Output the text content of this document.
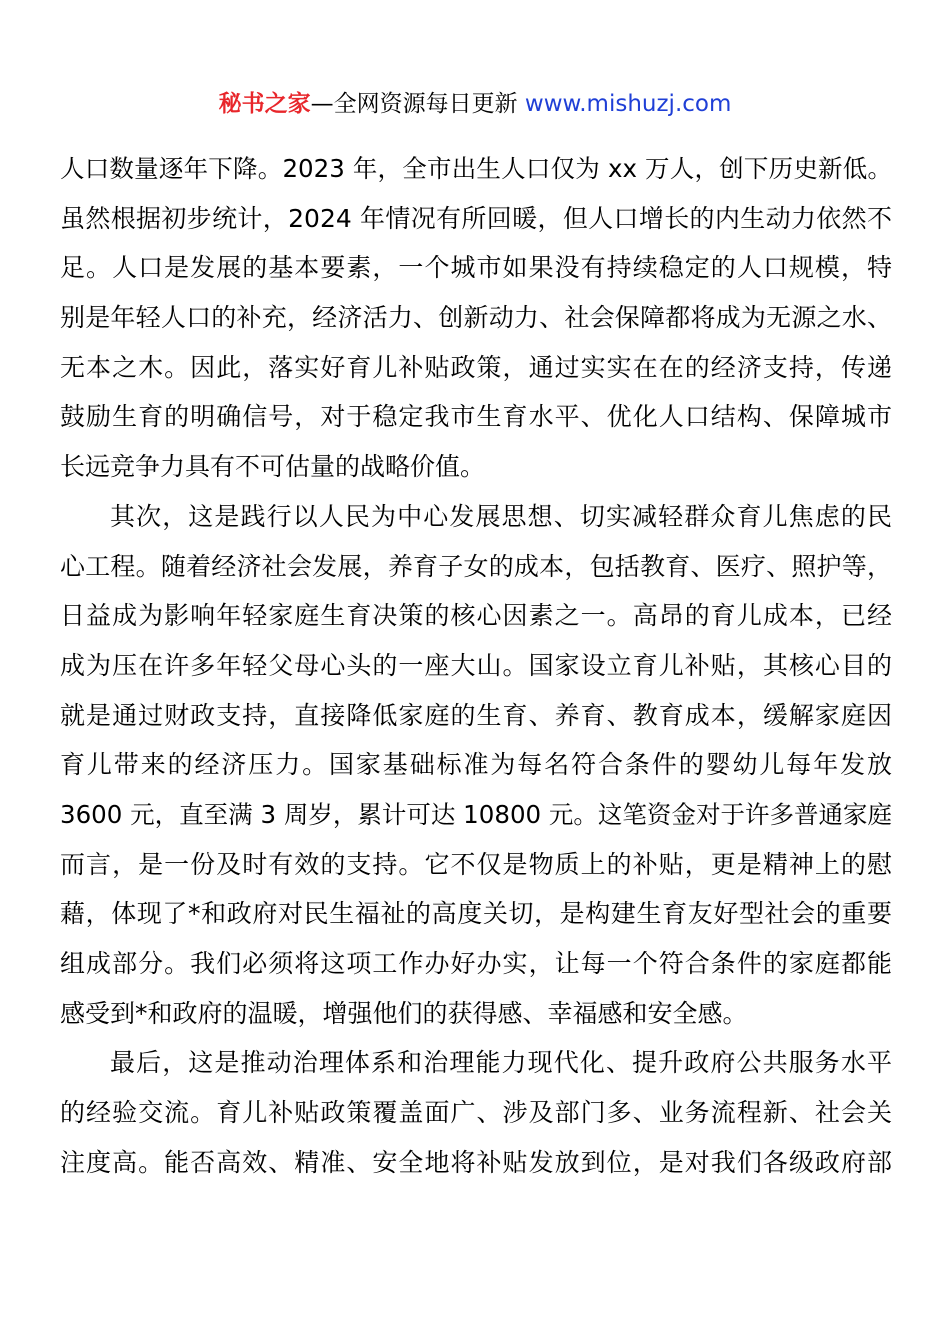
秘书之家—全网资源每日更新 www.mishuzj.com
人口数量逐年下降。2023 年，全市出生人口仅为 xx 万人，创下历史新低。
虽然根据初步统计，2024 年情况有所回暖，但人口增长的内生动力依然不
足。人口是发展的基本要素，一个城市如果没有持续稳定的人口规模，特
别是年轻人口的补充，经济活力、创新动力、社会保障都将成为无源之水、
无本之木。因此，落实好育儿补贴政策，通过实实在在的经济支持，传递
鼓励生育的明确信号，对于稳定我市生育水平、优化人口结构、保障城市
长远竞争力具有不可估量的战略价值。
其次，这是践行以人民为中心发展思想、切实减轻群众育儿焦虑的民
心工程。随着经济社会发展，养育子女的成本，包括教育、医疗、照护等，
日益成为影响年轻家庭生育决策的核心因素之一。高昂的育儿成本，已经
成为压在许多年轻父母心头的一座大山。国家设立育儿补贴，其核心目的
就是通过财政支持，直接降低家庭的生育、养育、教育成本，缓解家庭因
育儿带来的经济压力。国家基础标准为每名符合条件的婴幼儿每年发放
3600 元，直至满 3 周岁，累计可达 10800 元。这笔资金对于许多普通家庭
而言，是一份及时有效的支持。它不仅是物质上的补贴，更是精神上的慰
藉，体现了*和政府对民生福祉的高度关切，是构建生育友好型社会的重要
组成部分。我们必须将这项工作办好办实，让每一个符合条件的家庭都能
感受到*和政府的温暖，增强他们的获得感、幸福感和安全感。
最后，这是推动治理体系和治理能力现代化、提升政府公共服务水平
的经验交流。育儿补贴政策覆盖面广、涉及部门多、业务流程新、社会关
注度高。能否高效、精准、安全地将补贴发放到位，是对我们各级政府部
